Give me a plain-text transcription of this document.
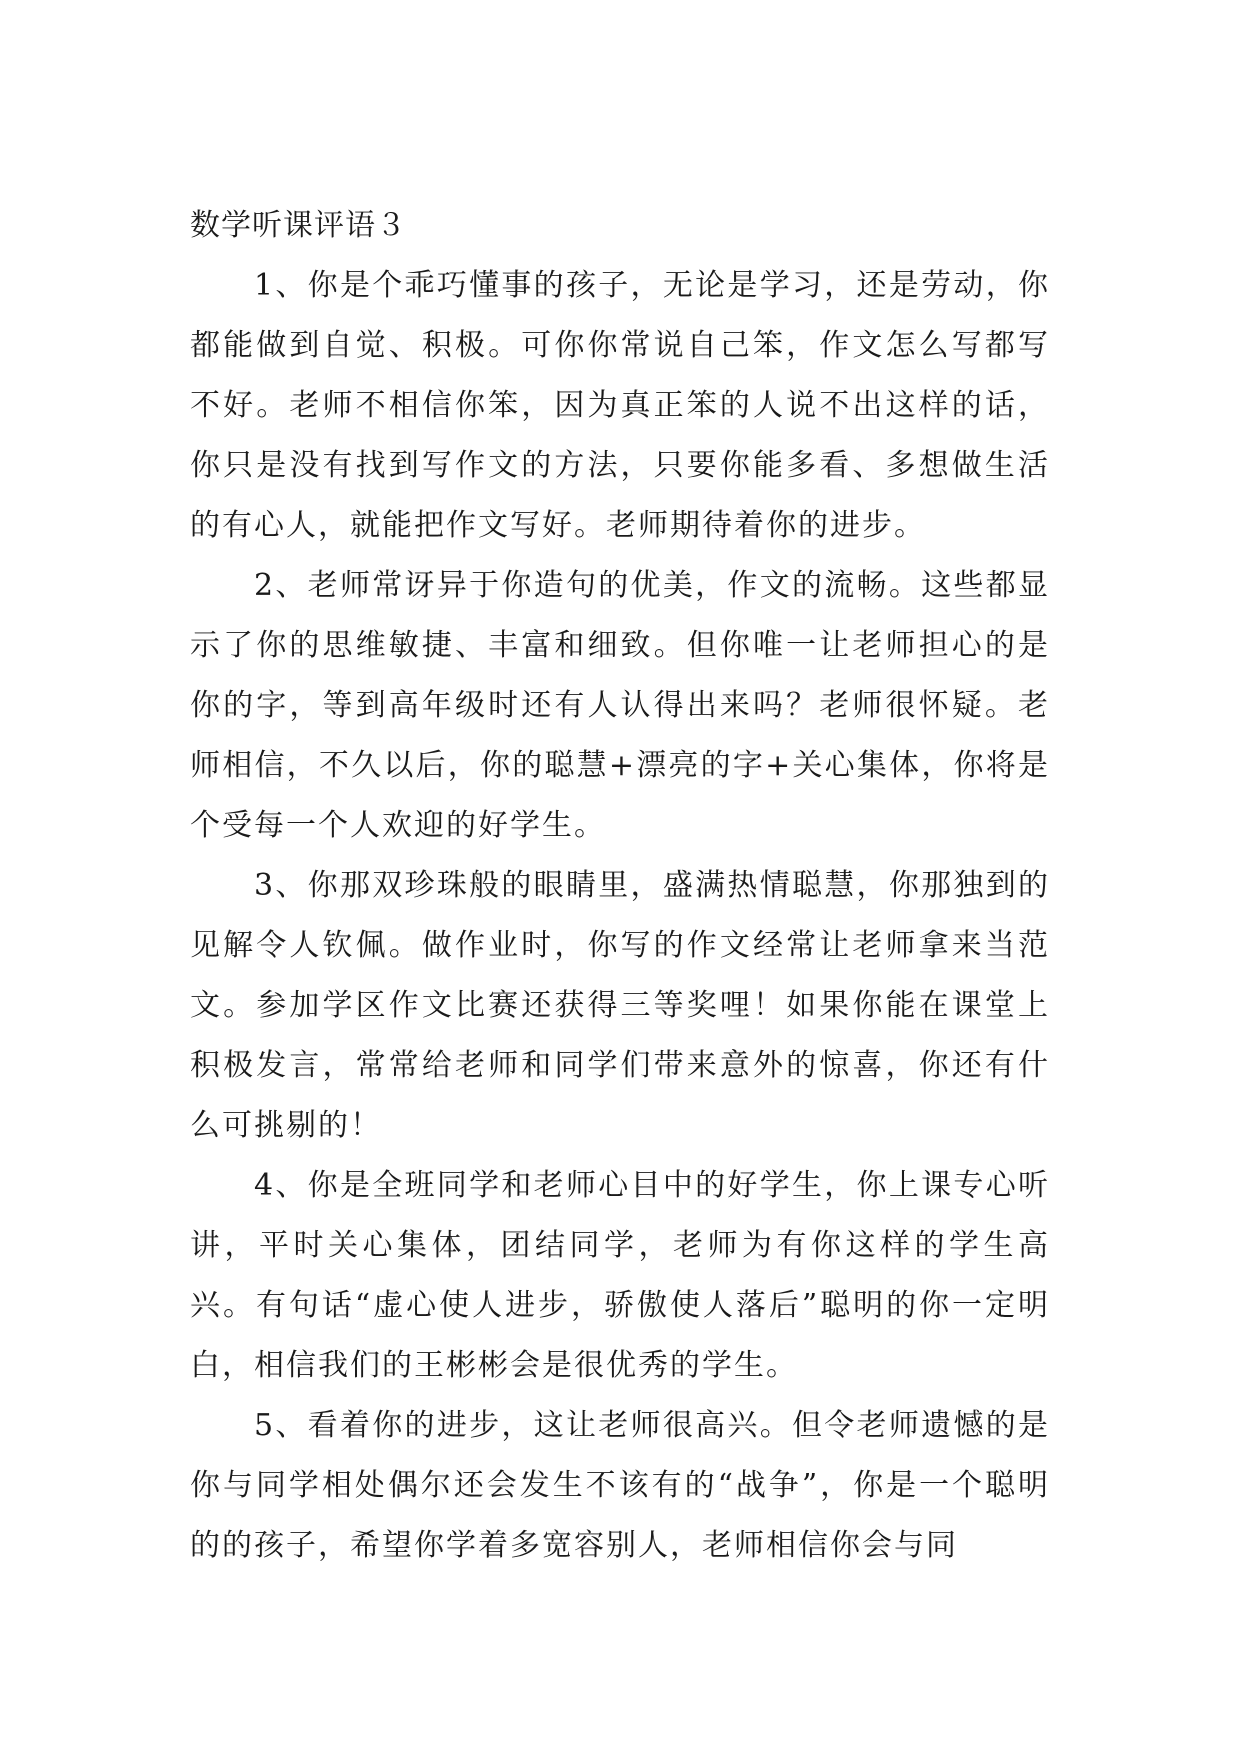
数学听课评语３

1、你是个乖巧懂事的孩子，无论是学习，还是劳动，你都能做到自觉、积极。可你你常说自己笨，作文怎么写都写不好。老师不相信你笨，因为真正笨的人说不出这样的话，你只是没有找到写作文的方法，只要你能多看、多想做生活的有心人，就能把作文写好。老师期待着你的进步。

2、老师常讶异于你造句的优美，作文的流畅。这些都显示了你的思维敏捷、丰富和细致。但你唯一让老师担心的是你的字，等到高年级时还有人认得出来吗？老师很怀疑。老师相信，不久以后，你的聪慧+漂亮的字+关心集体，你将是个受每一个人欢迎的好学生。

3、你那双珍珠般的眼睛里，盛满热情聪慧，你那独到的见解令人钦佩。做作业时，你写的作文经常让老师拿来当范文。参加学区作文比赛还获得三等奖哩！如果你能在课堂上积极发言，常常给老师和同学们带来意外的惊喜，你还有什么可挑剔的！

4、你是全班同学和老师心目中的好学生，你上课专心听讲，平时关心集体，团结同学，老师为有你这样的学生高兴。有句话“虚心使人进步，骄傲使人落后”聪明的你一定明白，相信我们的王彬彬会是很优秀的学生。

5、看着你的进步，这让老师很高兴。但令老师遗憾的是你与同学相处偶尔还会发生不该有的“战争”，你是一个聪明的的孩子，希望你学着多宽容别人，老师相信你会与同
